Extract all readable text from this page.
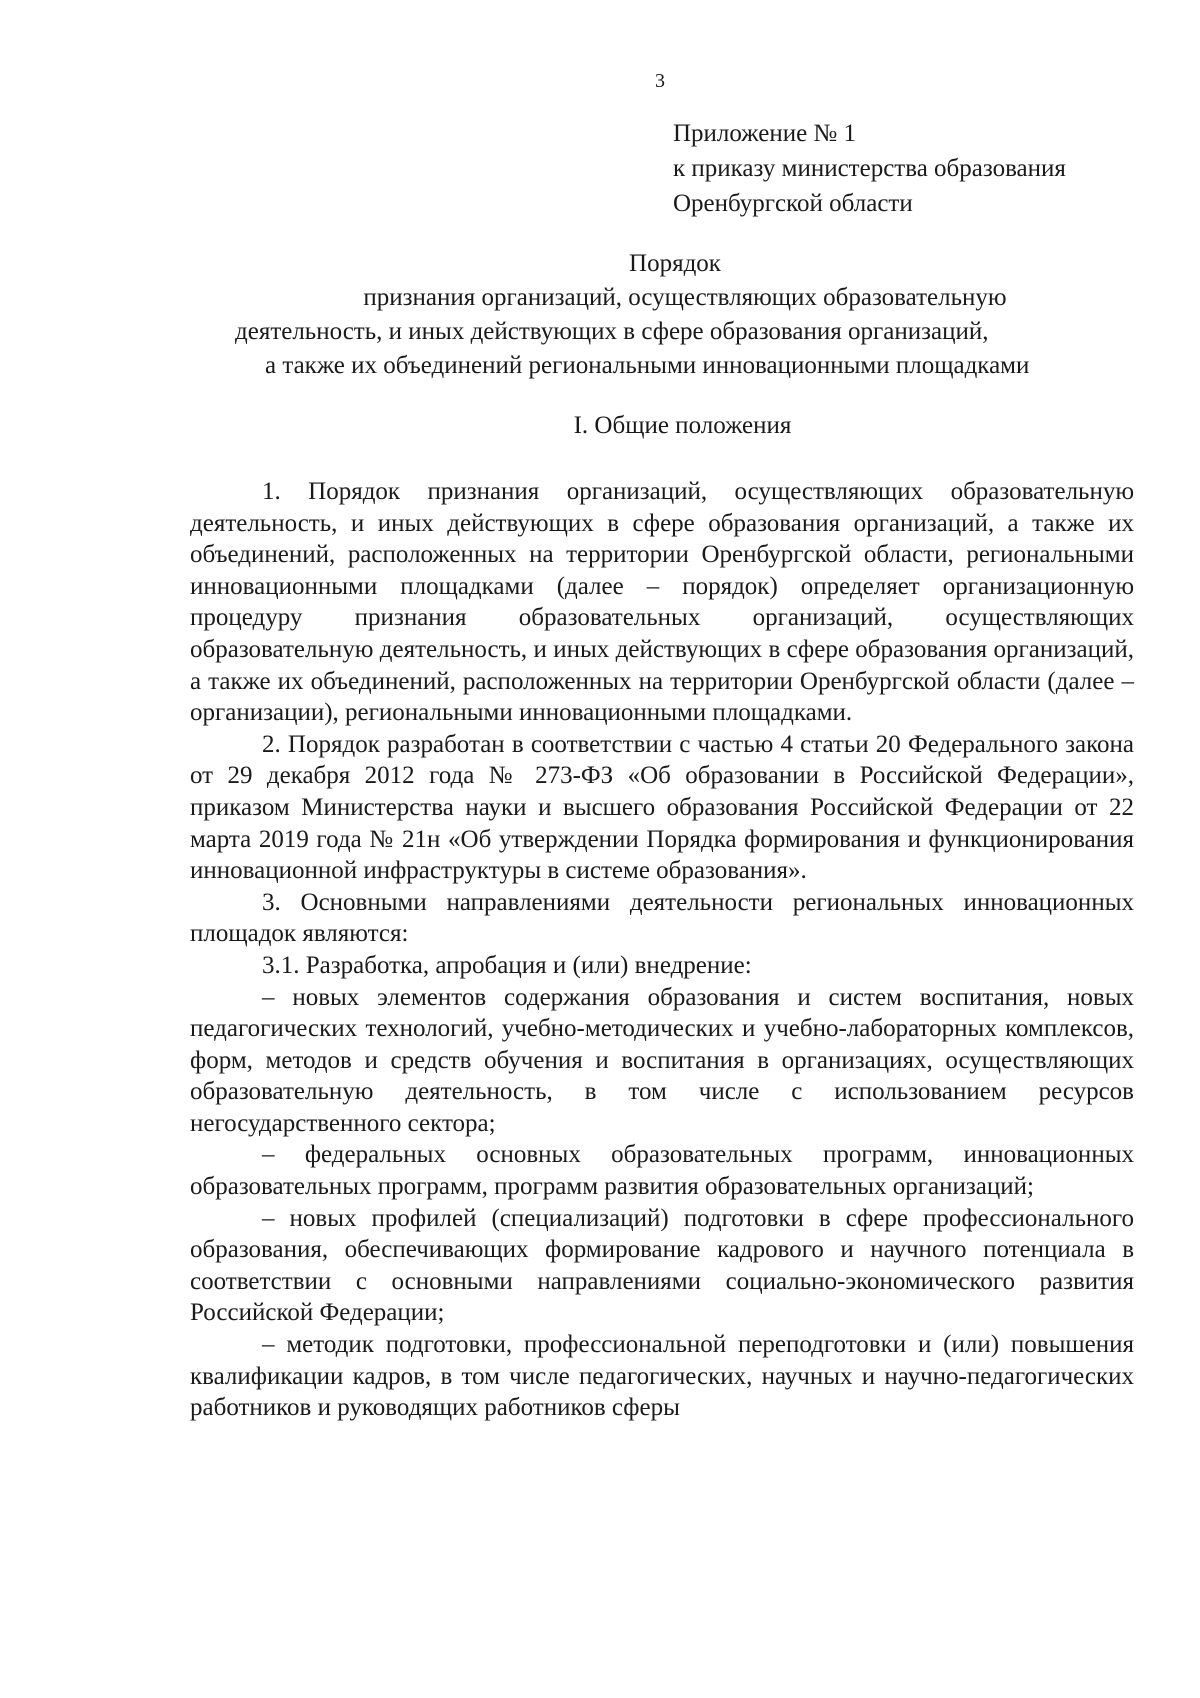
3
Приложение № 1
к приказу министерства образования
Оренбургской области
Порядок
признания организаций, осуществляющих образовательную
деятельность, и иных действующих в сфере образования организаций,
а также их объединений региональными инновационными площадками
I. Общие положения

1. Порядок признания организаций, осуществляющих образовательную деятельность, и иных действующих в сфере образования организаций, а также их объединений, расположенных на территории Оренбургской области, региональными инновационными площадками (далее – порядок) определяет организационную процедуру признания образовательных организаций, осуществляющих образовательную деятельность, и иных действующих в сфере образования организаций, а также их объединений, расположенных на территории Оренбургской области (далее – организации), региональными инновационными площадками.

2. Порядок разработан в соответствии с частью 4 статьи 20 Федерального закона от 29 декабря 2012 года № 273-ФЗ «Об образовании в Российской Федерации», приказом Министерства науки и высшего образования Российской Федерации от 22 марта 2019 года № 21н «Об утверждении Порядка формирования и функционирования инновационной инфраструктуры в системе образования».

3. Основными направлениями деятельности региональных инновационных площадок являются:

3.1. Разработка, апробация и (или) внедрение:

– новых элементов содержания образования и систем воспитания, новых педагогических технологий, учебно-методических и учебно-лабораторных комплексов, форм, методов и средств обучения и воспитания в организациях, осуществляющих образовательную деятельность, в том числе с использованием ресурсов негосударственного сектора;

– федеральных основных образовательных программ, инновационных образовательных программ, программ развития образовательных организаций;

– новых профилей (специализаций) подготовки в сфере профессионального образования, обеспечивающих формирование кадрового и научного потенциала в соответствии с основными направлениями социально-экономического развития Российской Федерации;

– методик подготовки, профессиональной переподготовки и (или) повышения квалификации кадров, в том числе педагогических, научных и научно-педагогических работников и руководящих работников сферы
